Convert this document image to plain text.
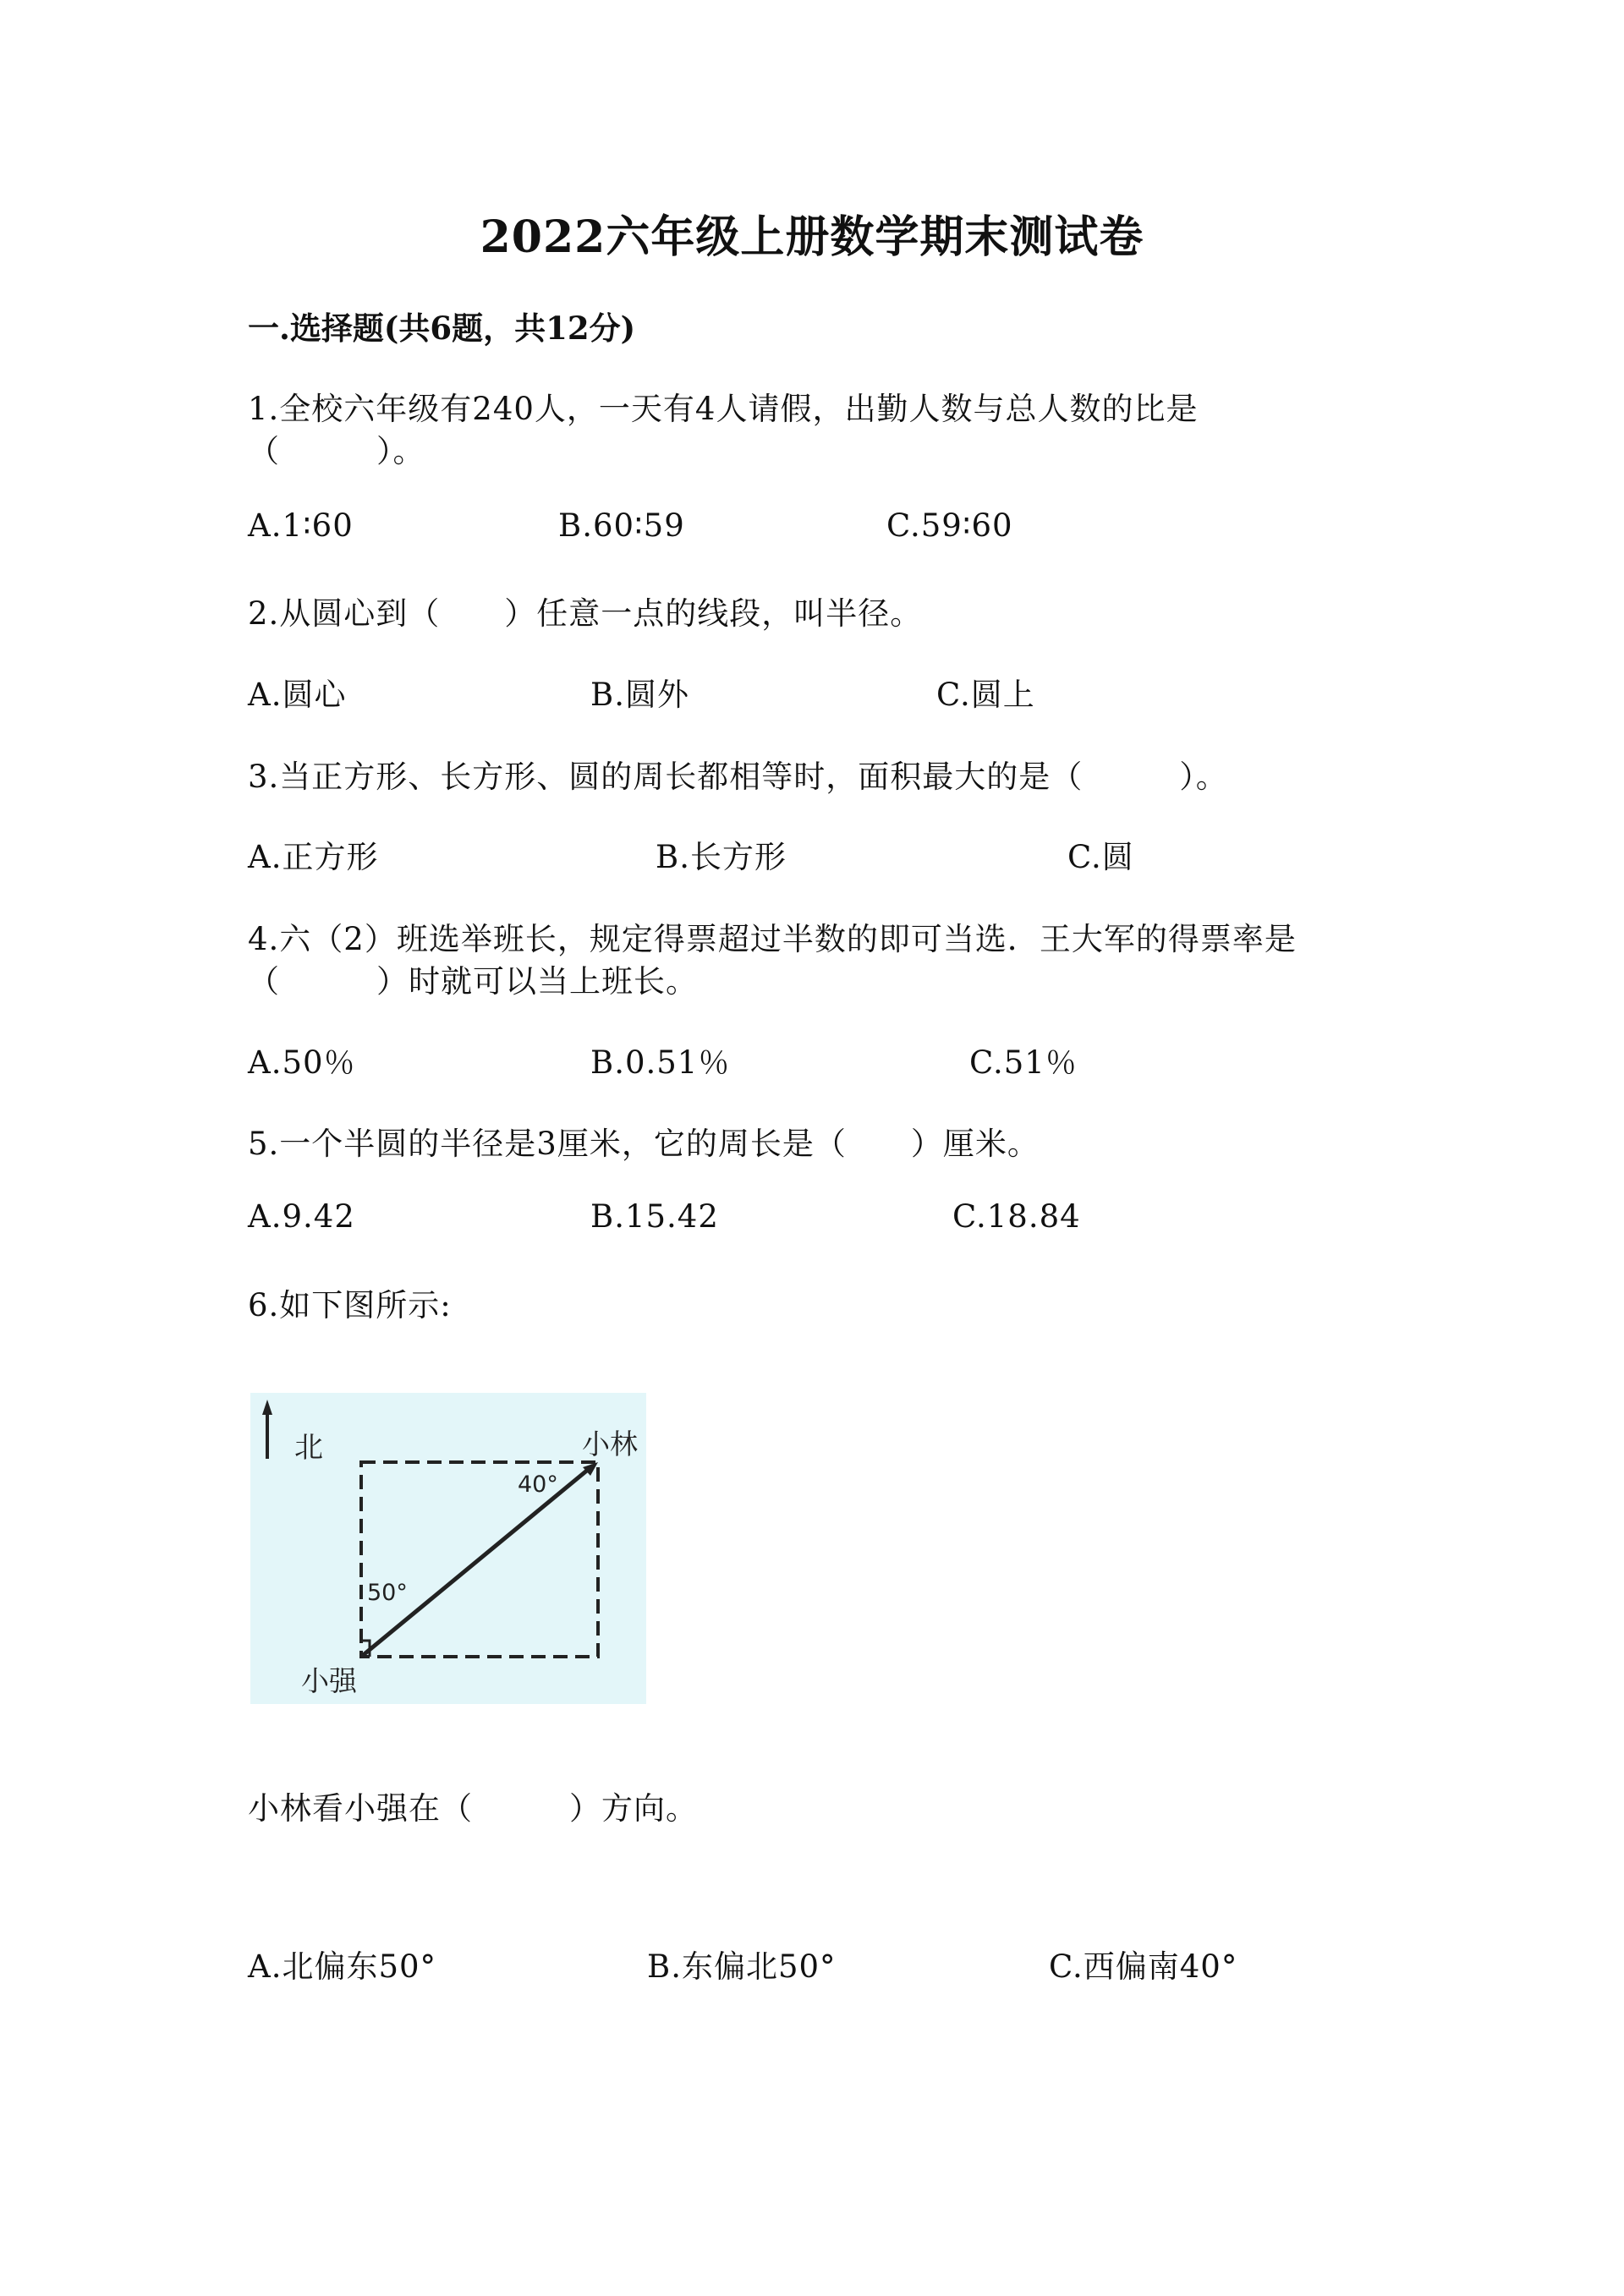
2022六年级上册数学期末测试卷
一.选择题(共6题，共12分)
1.全校六年级有240人，一天有4人请假，出勤人数与总人数的比是
（　　　）。
A.1∶60	B.60∶59	C.59∶60
2.从圆心到（　　）任意一点的线段，叫半径。
A.圆心	B.圆外	C.圆上
3.当正方形、长方形、圆的周长都相等时，面积最大的是（　　　）。
A.正方形	B.长方形	C.圆
4.六（2）班选举班长，规定得票超过半数的即可当选．王大军的得票率是
（　　　）时就可以当上班长。
A.50％	B.0.51％	C.51％
5.一个半圆的半径是3厘米，它的周长是（　　）厘米。
A.9.42	B.15.42	C.18.84
6.如下图所示:
北	小林
小强
40°
50°
小林看小强在（　　　）方向。
A.北偏东50°	B.东偏北50°	C.西偏南40°
